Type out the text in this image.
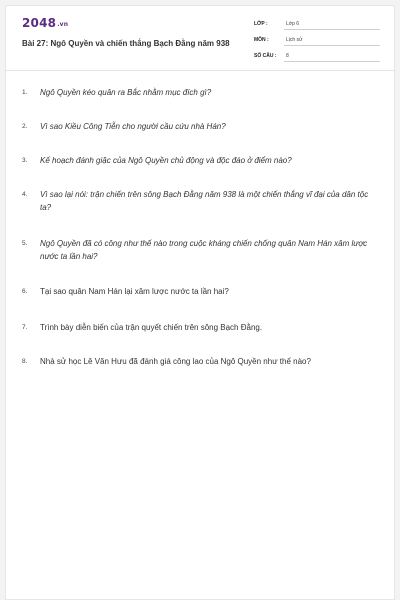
2048.vn
Bài 27: Ngô Quyền và chiến thắng Bạch Đằng năm 938
LỚP :	Lớp 6
MÔN :	Lịch sử
SỐ CÂU :	8
1. Ngô Quyền kéo quân ra Bắc nhằm mục đích gì?
2. Vì sao Kiều Công Tiễn cho người cầu cứu nhà Hán?
3. Kế hoạch đánh giặc của Ngô Quyền chủ động và độc đáo ở điểm nào?
4. Vì sao lại nói: trận chiến trên sông Bạch Đằng năm 938 là một chiến thắng vĩ đại của dân tộc ta?
5. Ngô Quyền đã có công như thế nào trong cuộc kháng chiến chống quân Nam Hán xâm lược nước ta lần hai?
6. Tại sao quân Nam Hán lại xâm lược nước ta lần hai?
7. Trình bày diễn biến của trận quyết chiến trên sông Bạch Đằng.
8. Nhà sử học Lê Văn Hưu đã đánh giá công lao của Ngô Quyền như thế nào?
